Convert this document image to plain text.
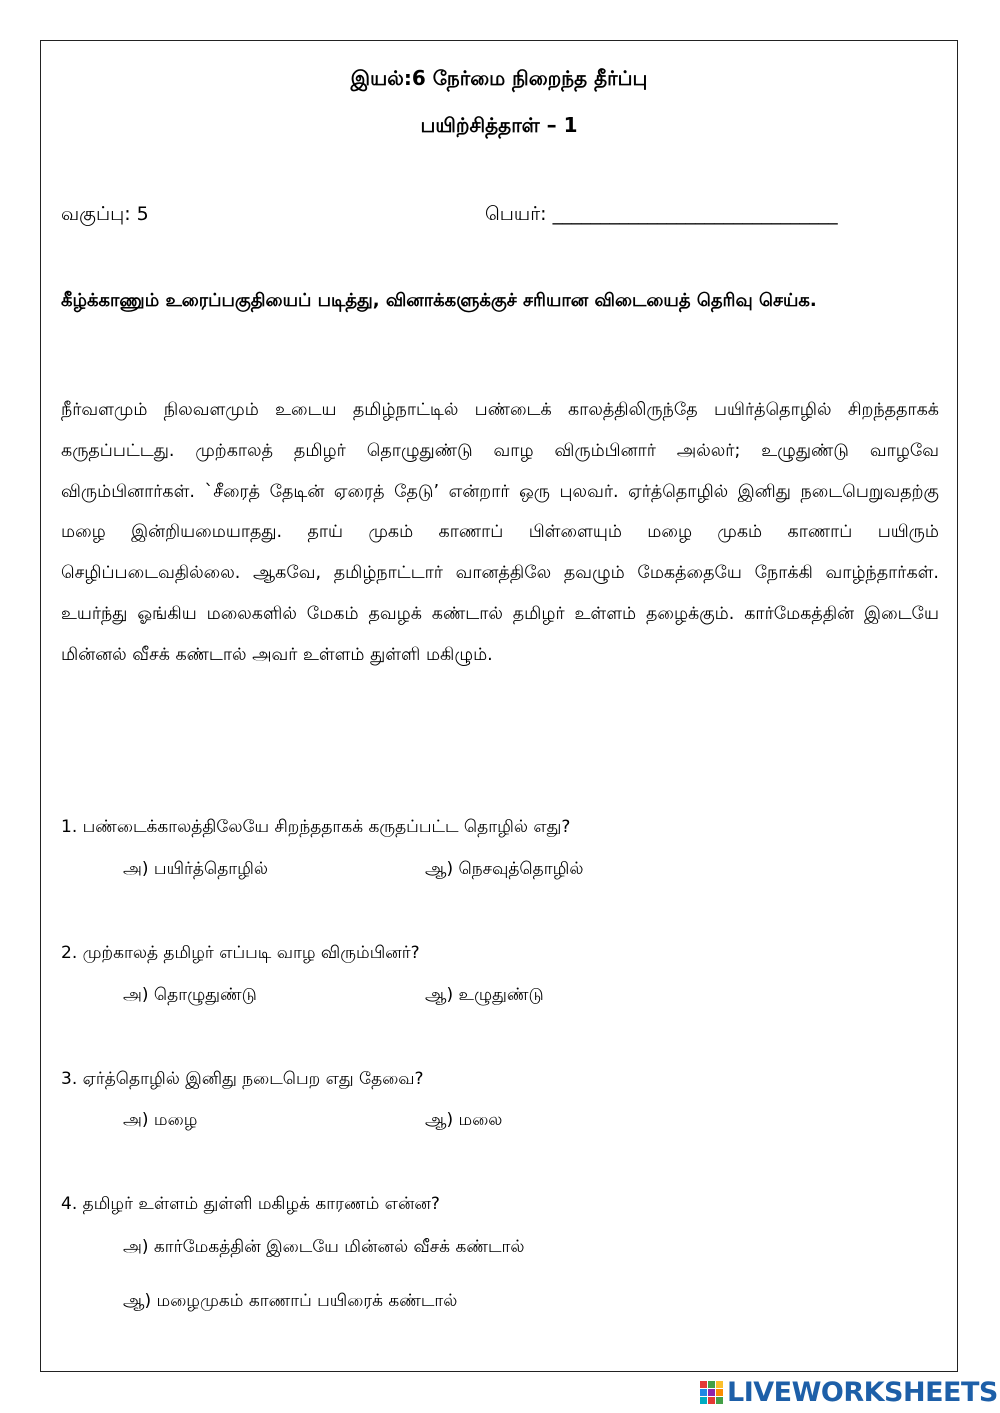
இயல்:6 நேர்மை நிறைந்த தீர்ப்பு
பயிற்சித்தாள் – 1
வகுப்பு: 5	பெயர்: ______________________________
கீழ்க்காணும் உரைப்பகுதியைப் படித்து, வினாக்களுக்குச் சரியான விடையைத் தெரிவு செய்க.
நீர்வளமும் நிலவளமும் உடைய தமிழ்நாட்டில் பண்டைக் காலத்திலிருந்தே பயிர்த்தொழில் சிறந்ததாகக் கருதப்பட்டது. முற்காலத் தமிழர் தொழுதுண்டு வாழ விரும்பினார் அல்லர்; உழுதுண்டு வாழவே விரும்பினார்கள். `சீரைத் தேடின் ஏரைத் தேடு’ என்றார் ஒரு புலவர். ஏர்த்தொழில் இனிது நடைபெறுவதற்கு மழை இன்றியமையாதது. தாய் முகம் காணாப் பிள்ளையும் மழை முகம் காணாப் பயிரும் செழிப்படைவதில்லை. ஆகவே, தமிழ்நாட்டார் வானத்திலே தவழும் மேகத்தையே நோக்கி வாழ்ந்தார்கள். உயர்ந்து ஓங்கிய மலைகளில் மேகம் தவழக் கண்டால் தமிழர் உள்ளம் தழைக்கும். கார்மேகத்தின் இடையே மின்னல் வீசக் கண்டால் அவர் உள்ளம் துள்ளி மகிழும்.
1. பண்டைக்காலத்திலேயே சிறந்ததாகக் கருதப்பட்ட தொழில் எது?
அ) பயிர்த்தொழில்	ஆ) நெசவுத்தொழில்
2. முற்காலத் தமிழர் எப்படி வாழ விரும்பினர்?
அ) தொழுதுண்டு	ஆ) உழுதுண்டு
3. ஏர்த்தொழில் இனிது நடைபெற எது தேவை?
அ) மழை	ஆ) மலை
4. தமிழர் உள்ளம் துள்ளி மகிழக் காரணம் என்ன?
அ) கார்மேகத்தின் இடையே மின்னல் வீசக் கண்டால்
ஆ) மழைமுகம் காணாப் பயிரைக் கண்டால்
LIVEWORKSHEETS
